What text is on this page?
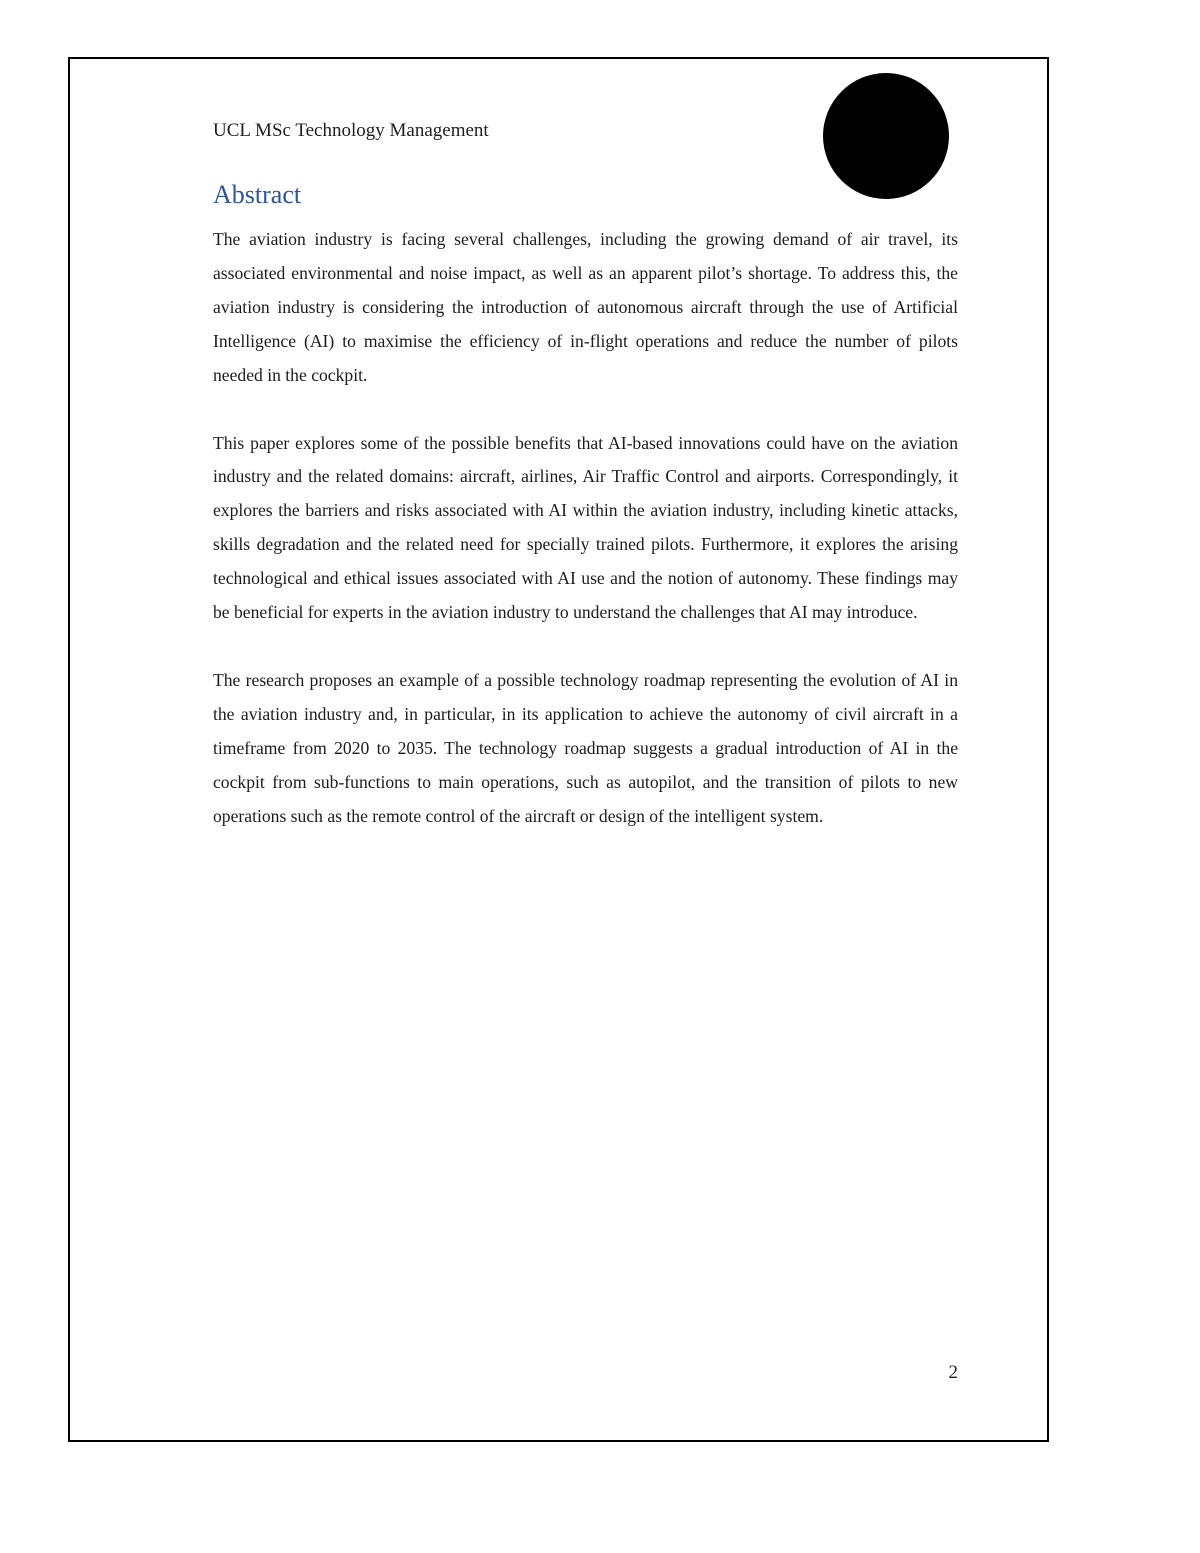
UCL MSc Technology Management
Abstract

The aviation industry is facing several challenges, including the growing demand of air travel, its associated environmental and noise impact, as well as an apparent pilot’s shortage. To address this, the aviation industry is considering the introduction of autonomous aircraft through the use of Artificial Intelligence (AI) to maximise the efficiency of in-flight operations and reduce the number of pilots needed in the cockpit.

This paper explores some of the possible benefits that AI-based innovations could have on the aviation industry and the related domains: aircraft, airlines, Air Traffic Control and airports. Correspondingly, it explores the barriers and risks associated with AI within the aviation industry, including kinetic attacks, skills degradation and the related need for specially trained pilots. Furthermore, it explores the arising technological and ethical issues associated with AI use and the notion of autonomy. These findings may be beneficial for experts in the aviation industry to understand the challenges that AI may introduce.

The research proposes an example of a possible technology roadmap representing the evolution of AI in the aviation industry and, in particular, in its application to achieve the autonomy of civil aircraft in a timeframe from 2020 to 2035. The technology roadmap suggests a gradual introduction of AI in the cockpit from sub-functions to main operations, such as autopilot, and the transition of pilots to new operations such as the remote control of the aircraft or design of the intelligent system.

2
